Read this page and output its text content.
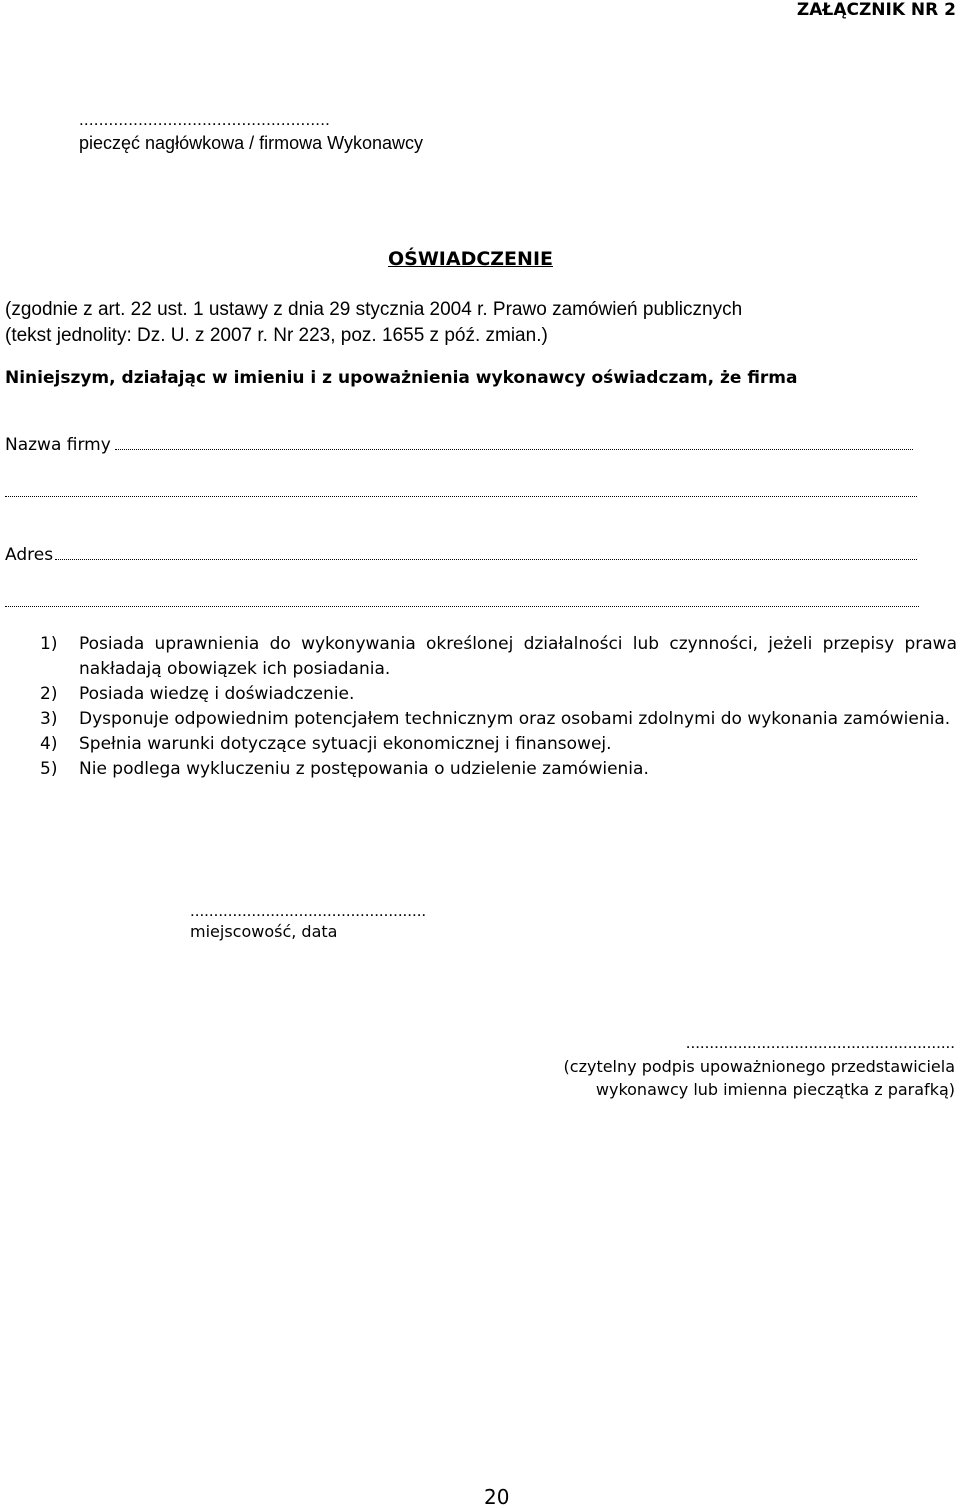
ZAŁĄCZNIK NR 2
...................................................
pieczęć nagłówkowa / firmowa Wykonawcy
OŚWIADCZENIE
(zgodnie z art. 22 ust. 1 ustawy z dnia 29 stycznia 2004 r. Prawo zamówień publicznych
(tekst jednolity: Dz. U. z 2007 r. Nr 223, poz. 1655 z póź. zmian.)
Niniejszym, działając w imieniu i z upoważnienia wykonawcy oświadczam, że firma
Nazwa firmy
Adres
1) Posiada uprawnienia do wykonywania określonej działalności lub czynności, jeżeli przepisy prawa nakładają obowiązek ich posiadania.
2) Posiada wiedzę i doświadczenie.
3) Dysponuje odpowiednim potencjałem technicznym oraz osobami zdolnymi do wykonania zamówienia.
4) Spełnia warunki dotyczące sytuacji ekonomicznej i finansowej.
5) Nie podlega wykluczeniu z postępowania o udzielenie zamówienia.
..................................................
miejscowość, data
.........................................................
(czytelny podpis upoważnionego przedstawiciela
wykonawcy lub imienna pieczątka z parafką)
20
